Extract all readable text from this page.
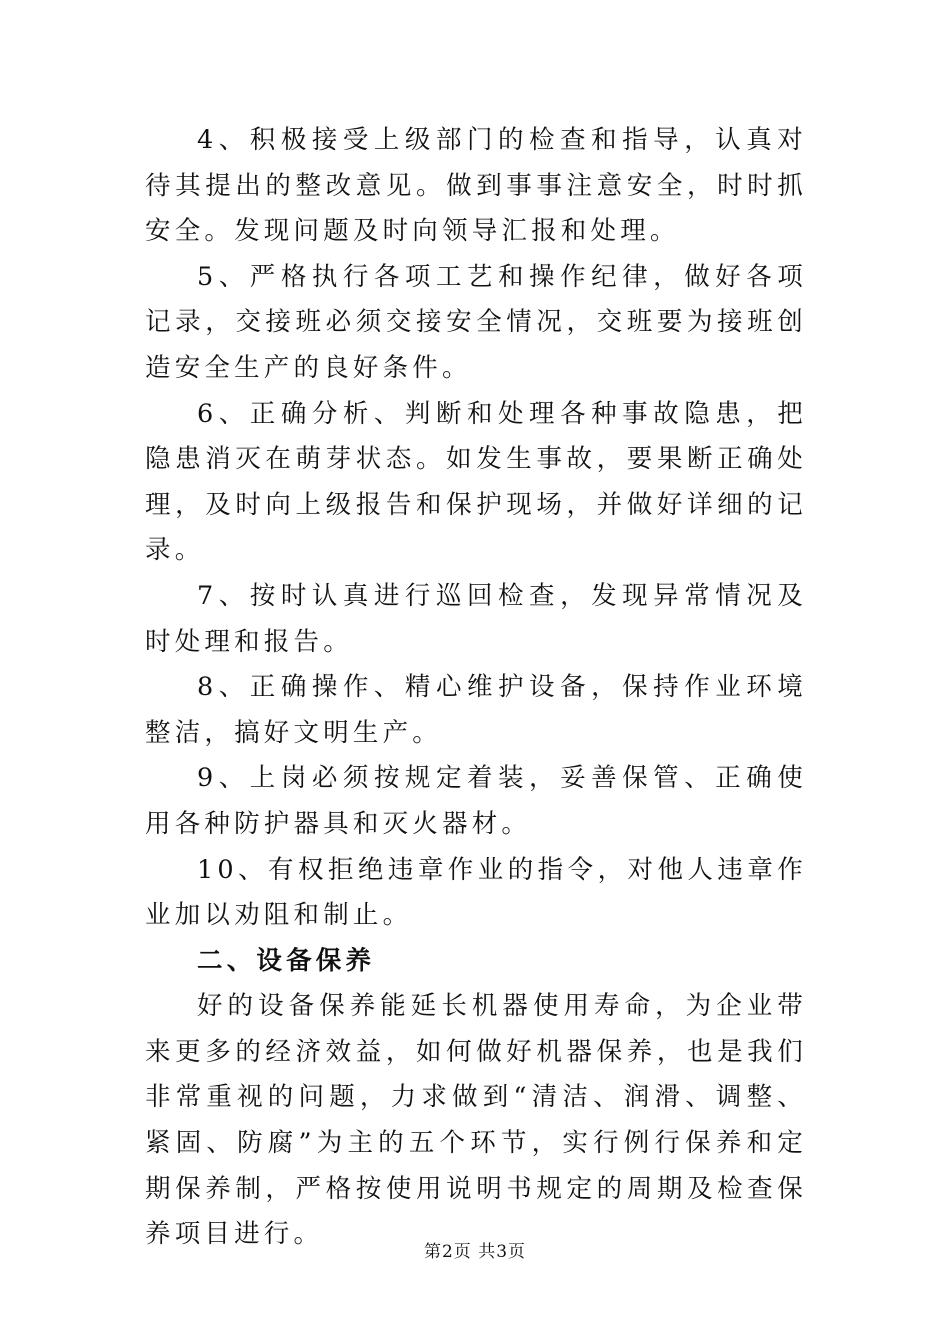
4、积极接受上级部门的检查和指导，认真对待其提出的整改意见。做到事事注意安全，时时抓安全。发现问题及时向领导汇报和处理。

5、严格执行各项工艺和操作纪律，做好各项记录，交接班必须交接安全情况，交班要为接班创造安全生产的良好条件。

6、正确分析、判断和处理各种事故隐患，把隐患消灭在萌芽状态。如发生事故，要果断正确处理，及时向上级报告和保护现场，并做好详细的记录。

7、按时认真进行巡回检查，发现异常情况及时处理和报告。

8、正确操作、精心维护设备，保持作业环境整洁，搞好文明生产。

9、上岗必须按规定着装，妥善保管、正确使用各种防护器具和灭火器材。

10、有权拒绝违章作业的指令，对他人违章作业加以劝阻和制止。

二、设备保养

好的设备保养能延长机器使用寿命，为企业带来更多的经济效益，如何做好机器保养，也是我们非常重视的问题，力求做到“清洁、润滑、调整、紧固、防腐”为主的五个环节，实行例行保养和定期保养制，严格按使用说明书规定的周期及检查保养项目进行。

第2页 共3页
